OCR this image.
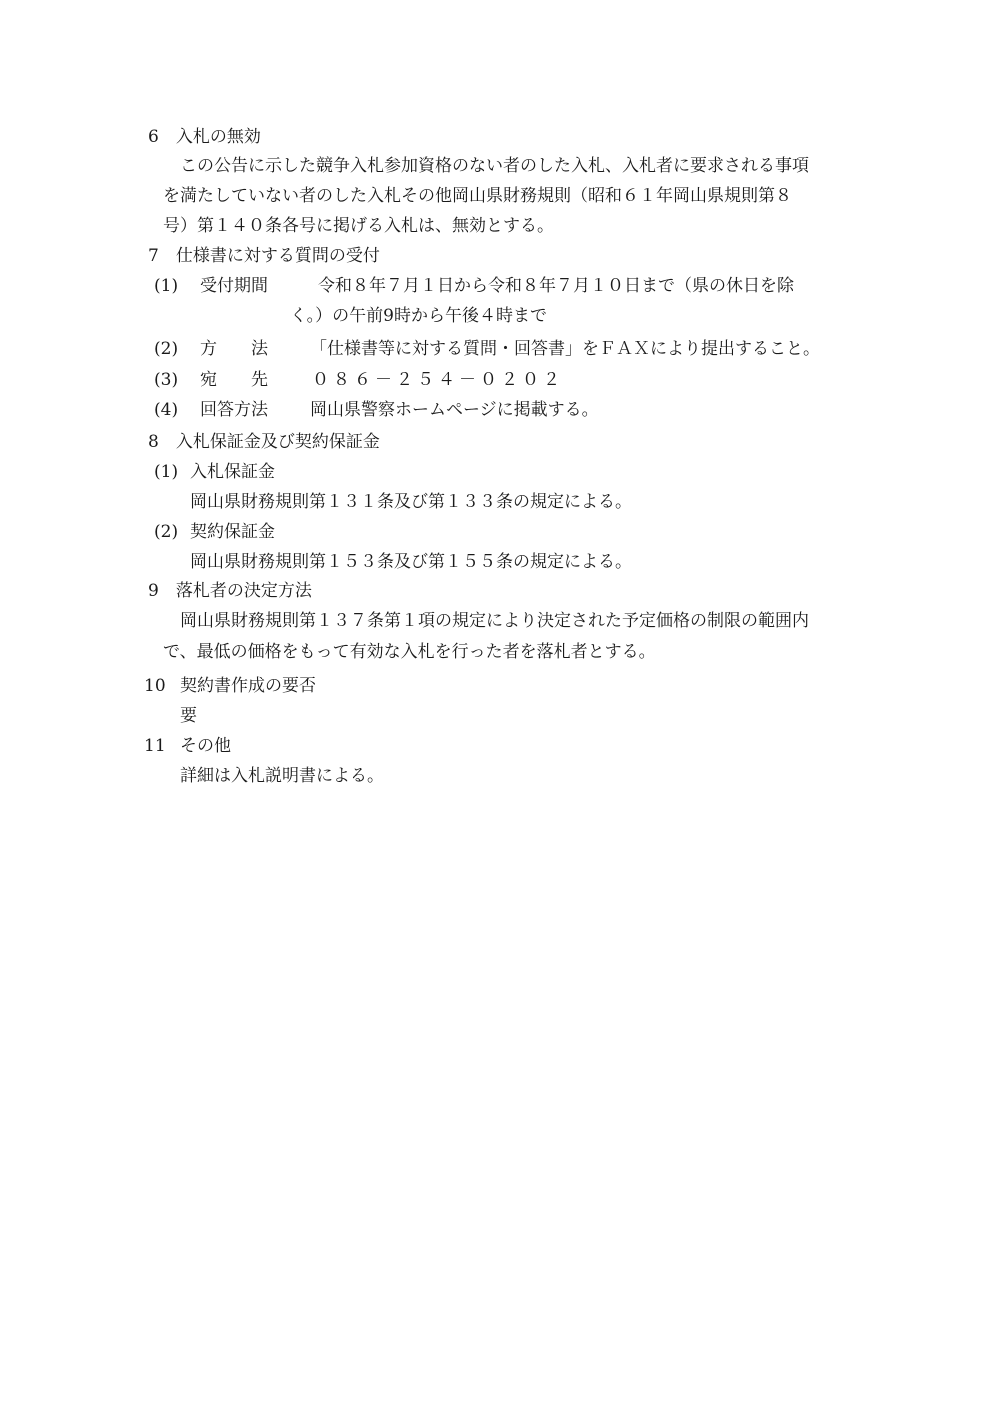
6　入札の無効
この公告に示した競争入札参加資格のない者のした入札、入札者に要求される事項
を満たしていない者のした入札その他岡山県財務規則（昭和６１年岡山県規則第８
号）第１４０条各号に掲げる入札は、無効とする。
7　仕様書に対する質問の受付
(1) 受付期間	令和８年７月１日から令和８年７月１０日まで（県の休日を除
く。）の午前9時から午後４時まで
(2) 方　　法 「仕様書等に対する質問・回答書」をＦＡＸにより提出すること。
(3) 宛　　先	０８６－２５４－０２０２
(4) 回答方法 岡山県警察ホームページに掲載する。
8　入札保証金及び契約保証金
(1) 入札保証金
岡山県財務規則第１３１条及び第１３３条の規定による。
(2) 契約保証金
岡山県財務規則第１５３条及び第１５５条の規定による。
9　落札者の決定方法
岡山県財務規則第１３７条第１項の規定により決定された予定価格の制限の範囲内
で、最低の価格をもって有効な入札を行った者を落札者とする。
10 契約書作成の要否
要
11 その他
詳細は入札説明書による。
